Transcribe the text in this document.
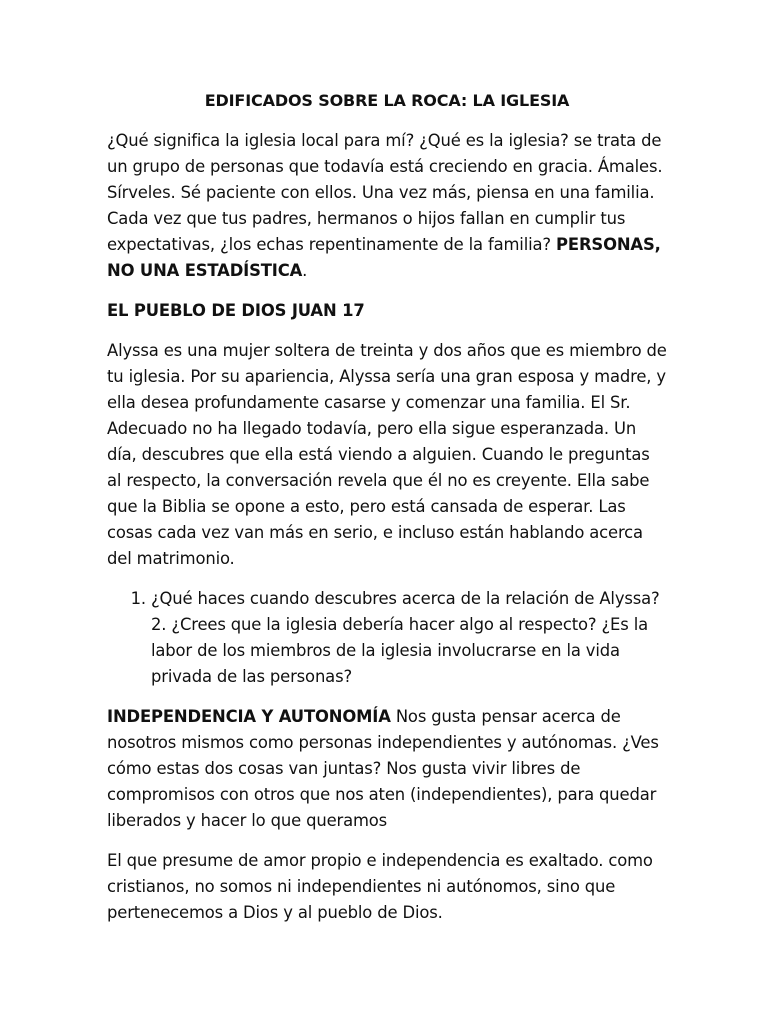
EDIFICADOS SOBRE LA ROCA: LA IGLESIA

¿Qué significa la iglesia local para mí? ¿Qué es la iglesia? se trata de un grupo de personas que todavía está creciendo en gracia. Ámales. Sírveles. Sé paciente con ellos. Una vez más, piensa en una familia. Cada vez que tus padres, hermanos o hijos fallan en cumplir tus expectativas, ¿los echas repentinamente de la familia? PERSONAS, NO UNA ESTADÍSTICA.

EL PUEBLO DE DIOS JUAN 17

Alyssa es una mujer soltera de treinta y dos años que es miembro de tu iglesia. Por su apariencia, Alyssa sería una gran esposa y madre, y ella desea profundamente casarse y comenzar una familia. El Sr. Adecuado no ha llegado todavía, pero ella sigue esperanzada. Un día, descubres que ella está viendo a alguien. Cuando le preguntas al respecto, la conversación revela que él no es creyente. Ella sabe que la Biblia se opone a esto, pero está cansada de esperar. Las cosas cada vez van más en serio, e incluso están hablando acerca del matrimonio.

1. ¿Qué haces cuando descubres acerca de la relación de Alyssa? 2. ¿Crees que la iglesia debería hacer algo al respecto? ¿Es la labor de los miembros de la iglesia involucrarse en la vida privada de las personas?

INDEPENDENCIA Y AUTONOMÍA Nos gusta pensar acerca de nosotros mismos como personas independientes y autónomas. ¿Ves cómo estas dos cosas van juntas? Nos gusta vivir libres de compromisos con otros que nos aten (independientes), para quedar liberados y hacer lo que queramos

El que presume de amor propio e independencia es exaltado. como cristianos, no somos ni independientes ni autónomos, sino que pertenecemos a Dios y al pueblo de Dios.
